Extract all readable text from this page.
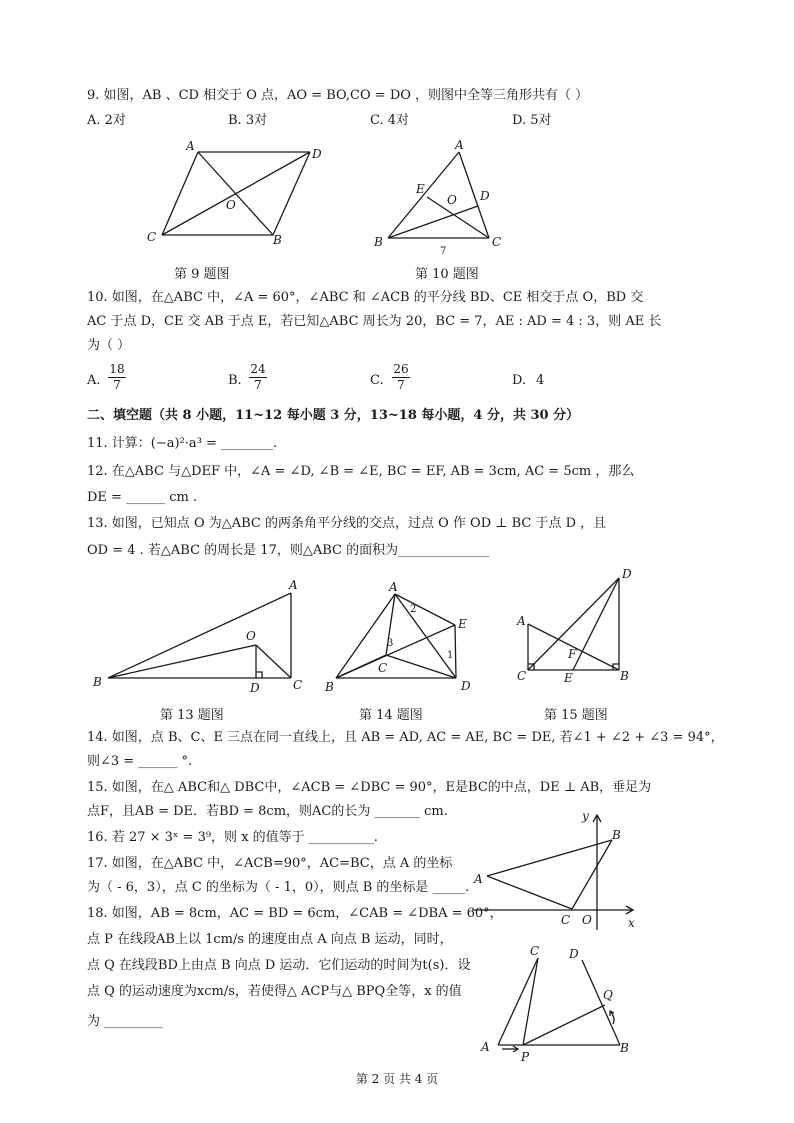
9. 如图，AB 、CD 相交于 O 点，AO = BO,CO = DO ，则图中全等三角形共有（ ）
A. 2对	B. 3对	C. 4对	D. 5对
A
D
O
C	B
第 9 题图
A
E
O D
B	C
7
第 10 题图
10. 如图，在△ABC 中，∠A = 60°，∠ABC 和 ∠ACB 的平分线 BD、CE 相交于点 O，BD 交
AC 于点 D，CE 交 AB 于点 E，若已知△ABC 周长为 20，BC = 7，AE : AD = 4 : 3，则 AE 长
为（ ）
A. $\frac{18}{7}$	B. $\frac{24}{7}$	C. $\frac{26}{7}$	D. 4
二、填空题（共 8 小题，11~12 每小题 3 分，13~18 每小题，4 分，共 30 分）
11. 计算：(−a)²·a³ = ________.
12. 在△ABC 与△DEF 中，∠A = ∠D, ∠B = ∠E, BC = EF, AB = 3cm, AC = 5cm ，那么
DE = ______ cm .
13. 如图，已知点 O 为△ABC 的两条角平分线的交点，过点 O 作 OD ⊥ BC 于点 D ，且
OD = 4 . 若△ABC 的周长是 17，则△ABC 的面积为______________
A
O
B	D	C
第 13 题图
A
2
E
3
1
C
B	D
第 14 题图
D
A
F
C	E	B
第 15 题图
14. 如图，点 B、C、E 三点在同一直线上，且 AB = AD, AC = AE, BC = DE, 若∠1 + ∠2 + ∠3 = 94°，
则∠3 = ______ °.
15. 如图，在△ ABC和△ DBC中，∠ACB = ∠DBC = 90°，E是BC的中点，DE ⊥ AB，垂足为
点F，且AB = DE．若BD = 8cm，则AC的长为 _______ cm.
16. 若 27 × 3ˣ = 3⁹，则 x 的值等于 __________.
17. 如图，在△ABC 中，∠ACB=90°，AC=BC，点 A 的坐标
为（ - 6，3），点 C 的坐标为（ - 1，0），则点 B 的坐标是 _____.
18. 如图，AB = 8cm，AC = BD = 6cm，∠CAB = ∠DBA = 60°，
点 P 在线段AB上以 1cm/s 的速度由点 A 向点 B 运动，同时，
点 Q 在线段BD上由点 B 向点 D 运动．它们运动的时间为t(s)．设
点 Q 的运动速度为xcm/s，若使得△ ACP与△ BPQ全等，x 的值
为 _________
y
B
A
C O	x
C D
Q
A
P
B
第 2 页 共 4 页
